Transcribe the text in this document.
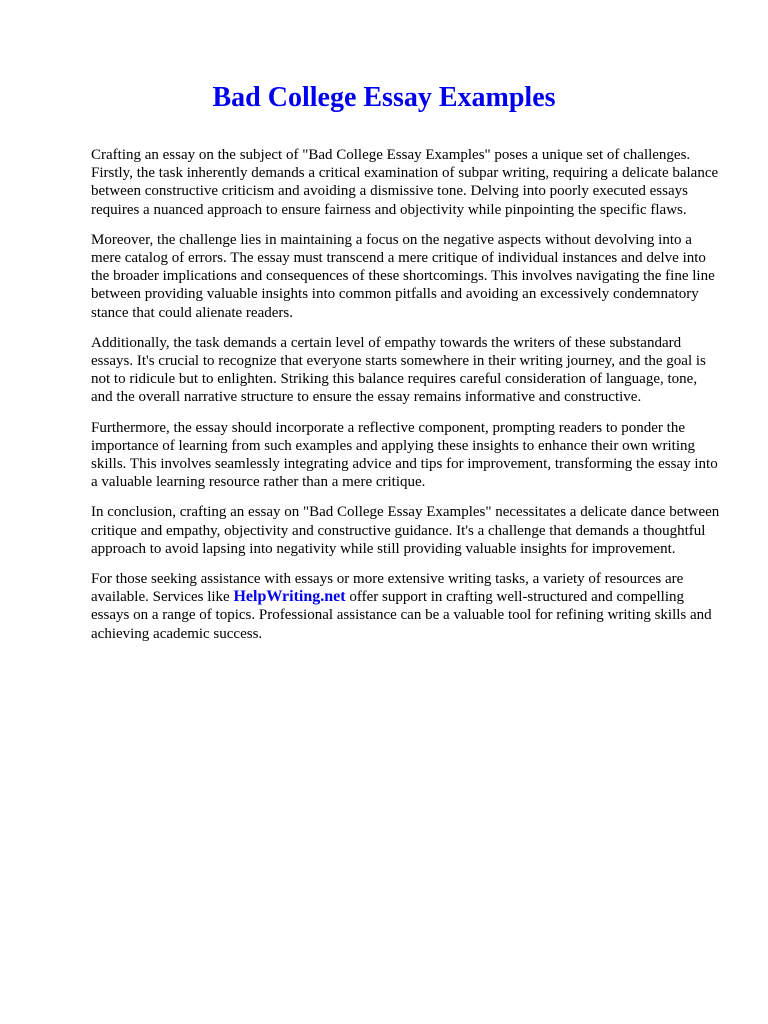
Bad College Essay Examples

Crafting an essay on the subject of "Bad College Essay Examples" poses a unique set of challenges. Firstly, the task inherently demands a critical examination of subpar writing, requiring a delicate balance between constructive criticism and avoiding a dismissive tone. Delving into poorly executed essays requires a nuanced approach to ensure fairness and objectivity while pinpointing the specific flaws.

Moreover, the challenge lies in maintaining a focus on the negative aspects without devolving into a mere catalog of errors. The essay must transcend a mere critique of individual instances and delve into the broader implications and consequences of these shortcomings. This involves navigating the fine line between providing valuable insights into common pitfalls and avoiding an excessively condemnatory stance that could alienate readers.

Additionally, the task demands a certain level of empathy towards the writers of these substandard essays. It's crucial to recognize that everyone starts somewhere in their writing journey, and the goal is not to ridicule but to enlighten. Striking this balance requires careful consideration of language, tone, and the overall narrative structure to ensure the essay remains informative and constructive.

Furthermore, the essay should incorporate a reflective component, prompting readers to ponder the importance of learning from such examples and applying these insights to enhance their own writing skills. This involves seamlessly integrating advice and tips for improvement, transforming the essay into a valuable learning resource rather than a mere critique.

In conclusion, crafting an essay on "Bad College Essay Examples" necessitates a delicate dance between critique and empathy, objectivity and constructive guidance. It's a challenge that demands a thoughtful approach to avoid lapsing into negativity while still providing valuable insights for improvement.

For those seeking assistance with essays or more extensive writing tasks, a variety of resources are available. Services like HelpWriting.net offer support in crafting well-structured and compelling essays on a range of topics. Professional assistance can be a valuable tool for refining writing skills and achieving academic success.
